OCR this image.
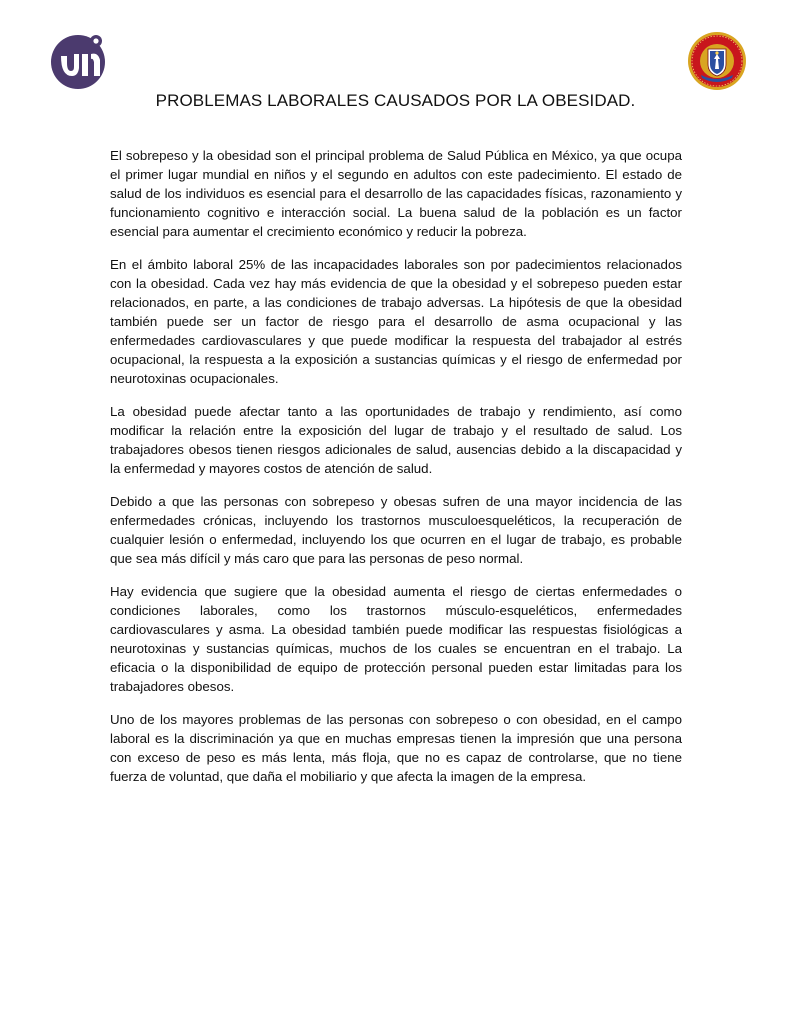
PROBLEMAS LABORALES CAUSADOS POR LA OBESIDAD.

El sobrepeso y la obesidad son el principal problema de Salud Pública en México, ya que ocupa el primer lugar mundial en niños y el segundo en adultos con este padecimiento. El estado de salud de los individuos es esencial para el desarrollo de las capacidades físicas, razonamiento y funcionamiento cognitivo e interacción social. La buena salud de la población es un factor esencial para aumentar el crecimiento económico y reducir la pobreza.

En el ámbito laboral 25% de las incapacidades laborales son por padecimientos relacionados con la obesidad. Cada vez hay más evidencia de que la obesidad y el sobrepeso pueden estar relacionados, en parte, a las condiciones de trabajo adversas. La hipótesis de que la obesidad también puede ser un factor de riesgo para el desarrollo de asma ocupacional y las enfermedades cardiovasculares y que puede modificar la respuesta del trabajador al estrés ocupacional, la respuesta a la exposición a sustancias químicas y el riesgo de enfermedad por neurotoxinas ocupacionales.

La obesidad puede afectar tanto a las oportunidades de trabajo y rendimiento, así como modificar la relación entre la exposición del lugar de trabajo y el resultado de salud. Los trabajadores obesos tienen riesgos adicionales de salud, ausencias debido a la discapacidad y la enfermedad y mayores costos de atención de salud.

Debido a que las personas con sobrepeso y obesas sufren de una mayor incidencia de las enfermedades crónicas, incluyendo los trastornos musculoesqueléticos, la recuperación de cualquier lesión o enfermedad, incluyendo los que ocurren en el lugar de trabajo, es probable que sea más difícil y más caro que para las personas de peso normal.

Hay evidencia que sugiere que la obesidad aumenta el riesgo de ciertas enfermedades o condiciones laborales, como los trastornos músculo-esqueléticos, enfermedades cardiovasculares y asma. La obesidad también puede modificar las respuestas fisiológicas a neurotoxinas y sustancias químicas, muchos de los cuales se encuentran en el trabajo. La eficacia o la disponibilidad de equipo de protección personal pueden estar limitadas para los trabajadores obesos.

Uno de los mayores problemas de las personas con sobrepeso o con obesidad, en el campo laboral es la discriminación ya que en muchas empresas tienen la impresión que una persona con exceso de peso es más lenta, más floja, que no es capaz de controlarse, que no tiene fuerza de voluntad, que daña el mobiliario y que afecta la imagen de la empresa.
